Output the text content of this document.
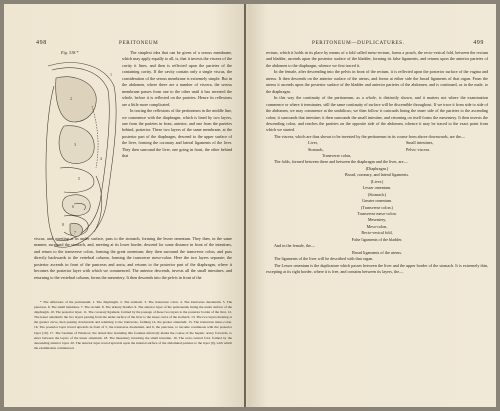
498	PERITONEUM
Fig. 318.*
1
2
3
4
5
6
7
8

The simplest idea that can be given of a serous membrane, which may apply equally to all, is, that it invests the viscera of the cavity it lines, and then is reflected upon the parietes of the containing cavity. If the cavity contain only a single viscus, the consideration of the serous membrane is extremely simple. But in the abdomen, where there are a number of viscera, the serous membrane passes from one to the other until it has invested the whole, before it is reflected on the parietes. Hence its reflexions are a little more complicated.

In tracing the reflexions of the peritoneum in the middle line, we commence with the diaphragm, which is lined by two layers, one from the parietes in front, anterior, and one from the parietes behind, posterior. These two layers of the same membrane, at the posterior part of the diaphragm, descend to the upper surface of the liver, forming the coronary and lateral ligaments of the liver. They then surround the liver, one going in front, the other behind that

viscus, and, meeting at its under surface, pass to the stomach, forming the lesser omentum. They then, in the same manner, surround the stomach, and, meeting at its lower border, descend for some distance in front of the intestines, and return to the transverse colon, forming the great omentum; they then surround the transverse colon, and pass directly backwards to the vertebral column, forming the transverse meso-colon. Here the two layers separate; the posterior ascends in front of the pancreas and aorta, and returns to the posterior part of the diaphragm, where it becomes the posterior layer with which we commenced. The anterior descends, invests all the small intestines, and returning to the vertebral column, forms the mesentery. It then descends into the pelvis in front of the

* The reflexions of the peritoneum. 1. The diaphragm. 2. The stomach. 3. The transverse colon. 4. The transverse duodenum. 5. The pancreas. 6. The small intestines. 7. The rectum. 8. The urinary bladder. 9. The anterior layer of the peritoneum, lining the under surface of the diaphragm. 10. The posterior layer. 11. The coronary ligament, formed by the passage of these two layers to the posterior border of the liver. 12. The lesser omentum; the two layers passing from the under surface of the liver to the lesser curve of the stomach. 13. The two layers meeting at the greater curve, then passing downwards and returning to the transverse, forming 14, the greater omentum. 15. The transverse meso-colon. 16. The posterior layer traced upwards in front of 5, the transverse duodenum, and 6, the pancreas, to become continuous with the posterior layer (10). 17. The foramen of Winslow; the dotted line bounding this foramen inferiorly marks the course of the hepatic artery forwards, to enter between the layers of the lesser omentum. 18. The mesentery investing the small intestine. 19. The recto-vesical fold, formed by the descending anterior layer. 20. The anterior layer traced upwards upon the internal surface of the abdominal parietes to the layer (9), with which the examination commenced.

PERITONEUM—DUPLICATURES.	499

rectum, which it holds in its place by means of a fold called meso-rectum, forms a pouch, the recto-vesical fold, between the rectum and bladder, ascends upon the posterior surface of the bladder, forming its false ligaments, and returns upon the anterior parietes of the abdomen to the diaphragm, whence we first traced it.

In the female, after descending into the pelvis in front of the rectum, it is reflected upon the posterior surface of the vagina and uterus. It then descends on the anterior surface of the uterus, and forms at either side the broad ligaments of that organ. From the uterus it ascends upon the posterior surface of the bladder and anterior parietes of the abdomen, and is continued, as in the male, to the diaphragm.

In this way the continuity of the peritoneum, as a whole, is distinctly shown, and it matters not where the examination commence or where it terminates, still the same continuity of surface will be discernible throughout. If we trace it from side to side of the abdomen, we may commence at the umbilicus; we then follow it outwards lining the inner side of the parietes to the ascending colon; it surrounds that intestine; it then surrounds the small intestine, and returning on itself forms the mesentery. It then invests the descending colon, and reaches the parietes on the opposite side of the abdomen, whence it may be traced to the exact point from which we started.

The viscera, which are thus shown to be invested by the peritoneum in its course from above downwards, are the—

Liver,
Stomach,
Transverse colon,
Small intestines,
Pelvic viscera.

The folds, formed between these and between the diaphragm and the liver, are—

(Diaphragm.)

Broad, coronary, and lateral ligaments.

(Liver.)

Lesser omentum.

(Stomach.)

Greater omentum.

(Transverse colon.)

Transverse meso-colon.

Mesentery,

Meso-colon,

Recto-vesical fold,

False ligaments of the bladder.

And in the female, the—

Broad ligaments of the uterus.

The ligaments of the liver will be described with that organ.

The Lesser omentum is the duplicature which passes between the liver and the upper border of the stomach. It is extremely thin, excepting at its right border, where it is free, and contains between its layers, the—
